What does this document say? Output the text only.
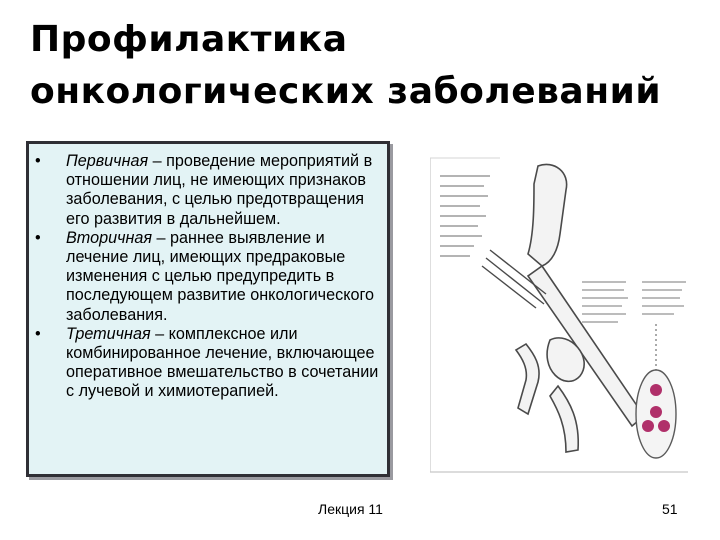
Профилактика
онкологических заболеваний
• Первичная – проведение мероприятий в отношении лиц, не имеющих признаков заболевания, с целью предотвращения его развития в дальнейшем.
• Вторичная – раннее выявление и лечение лиц, имеющих предраковые изменения с целью предупредить в последующем развитие онкологического заболевания.
• Третичная – комплексное или комбинированное лечение, включающее оперативное вмешательство в сочетании с лучевой и химиотерапией.
Лекция 11	51
